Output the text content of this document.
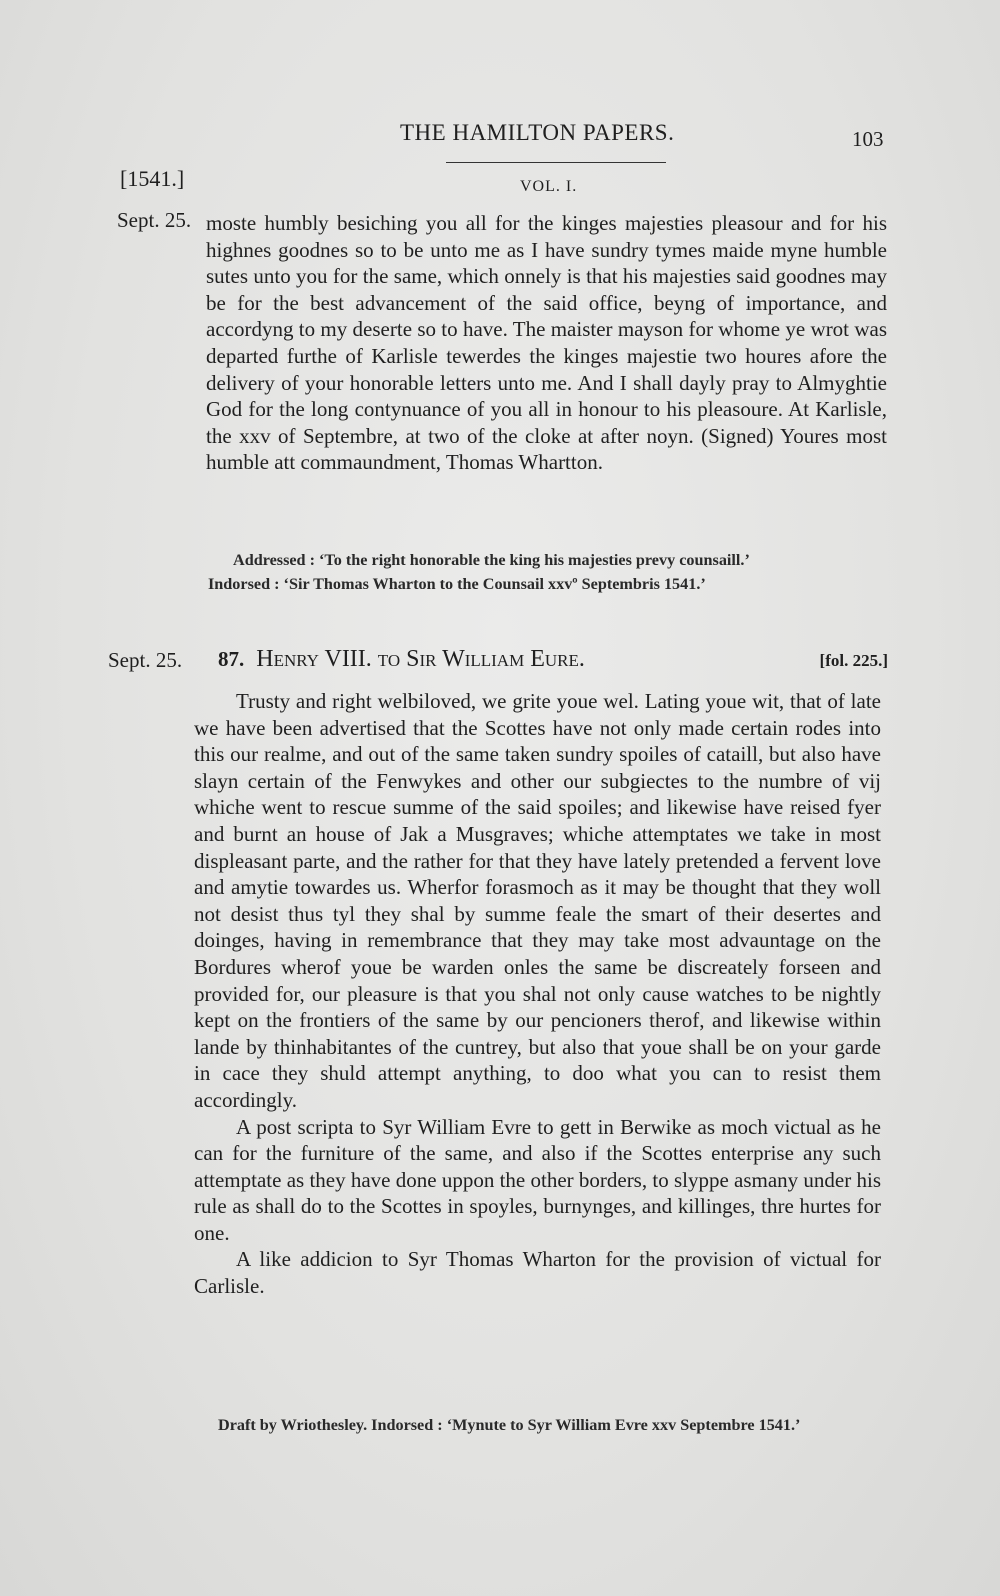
THE HAMILTON PAPERS.	103
[1541.]	VOL. I.
Sept. 25. moste humbly besiching you all for the kinges majesties pleasour and for his highnes goodnes so to be unto me as I have sundry tymes maide myne humble sutes unto you for the same, which onnely is that his majesties said goodnes may be for the best advancement of the said office, beyng of importance, and accordyng to my deserte so to have. The maister mayson for whome ye wrot was departed furthe of Karlisle tewerdes the kinges majestie two houres afore the delivery of your honorable letters unto me. And I shall dayly pray to Almyghtie God for the long contynuance of you all in honour to his pleasoure. At Karlisle, the xxv of Septembre, at two of the cloke at after noyn. (Signed) Youres most humble att commaundment, Thomas Whartton.

Addressed : ‘To the right honorable the king his majesties prevy counsaill.’

Indorsed : ‘Sir Thomas Wharton to the Counsail xxvº Septembris 1541.’

Sept. 25. 87. Henry VIII. to Sir William Eure.	[fol. 225.]

Trusty and right welbiloved, we grite youe wel. Lating youe wit, that of late we have been advertised that the Scottes have not only made certain rodes into this our realme, and out of the same taken sundry spoiles of cataill, but also have slayn certain of the Fenwykes and other our subgiectes to the numbre of vij whiche went to rescue summe of the said spoiles; and likewise have reised fyer and burnt an house of Jak a Musgraves; whiche attemptates we take in most displeasant parte, and the rather for that they have lately pretended a fervent love and amytie towardes us. Wherfor forasmoch as it may be thought that they woll not desist thus tyl they shal by summe feale the smart of their desertes and doinges, having in remembrance that they may take most advauntage on the Bordures wherof youe be warden onles the same be discreately forseen and provided for, our pleasure is that you shal not only cause watches to be nightly kept on the frontiers of the same by our pencioners therof, and likewise within lande by thinhabitantes of the cuntrey, but also that youe shall be on your garde in cace they shuld attempt anything, to doo what you can to resist them accordingly.

A post scripta to Syr William Evre to gett in Berwike as moch victual as he can for the furniture of the same, and also if the Scottes enterprise any such attemptate as they have done uppon the other borders, to slyppe asmany under his rule as shall do to the Scottes in spoyles, burnynges, and killinges, thre hurtes for one.

A like addicion to Syr Thomas Wharton for the provision of victual for Carlisle.

Draft by Wriothesley. Indorsed : ‘Mynute to Syr William Evre xxv Septembre 1541.’
